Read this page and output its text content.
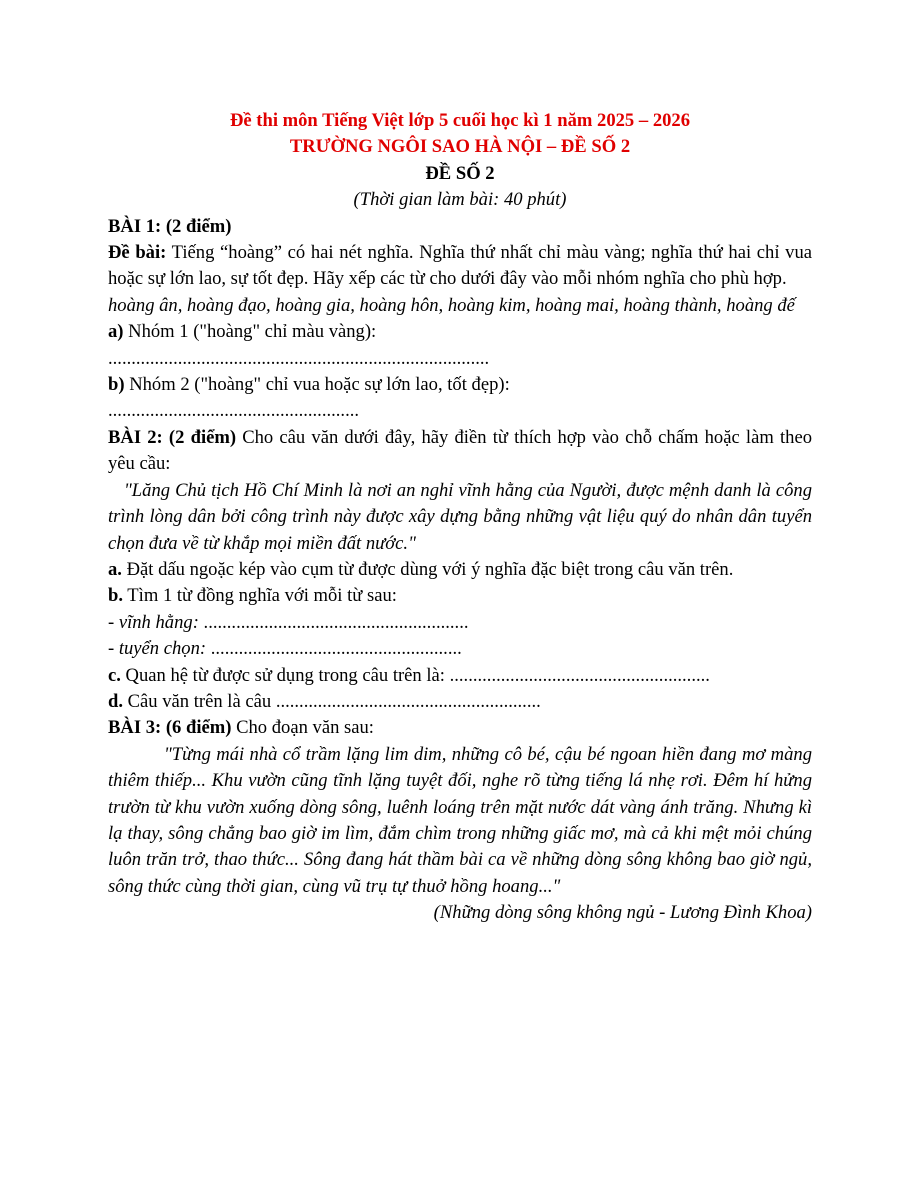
Đề thi môn Tiếng Việt lớp 5 cuối học kì 1 năm 2025 – 2026

TRƯỜNG NGÔI SAO HÀ NỘI – ĐỀ SỐ 2

ĐỀ SỐ 2

(Thời gian làm bài: 40 phút)

BÀI 1: (2 điểm)

Đề bài: Tiếng “hoàng” có hai nét nghĩa. Nghĩa thứ nhất chỉ màu vàng; nghĩa thứ hai chỉ vua hoặc sự lớn lao, sự tốt đẹp. Hãy xếp các từ cho dưới đây vào mỗi nhóm nghĩa cho phù hợp.

hoàng ân, hoàng đạo, hoàng gia, hoàng hôn, hoàng kim, hoàng mai, hoàng thành, hoàng đế

a) Nhóm 1 ("hoàng" chỉ màu vàng):

..................................................................................

b) Nhóm 2 ("hoàng" chỉ vua hoặc sự lớn lao, tốt đẹp):

......................................................

BÀI 2: (2 điểm) Cho câu văn dưới đây, hãy điền từ thích hợp vào chỗ chấm hoặc làm theo yêu cầu:

"Lăng Chủ tịch Hồ Chí Minh là nơi an nghỉ vĩnh hằng của Người, được mệnh danh là công trình lòng dân bởi công trình này được xây dựng bằng những vật liệu quý do nhân dân tuyển chọn đưa về từ khắp mọi miền đất nước."

a. Đặt dấu ngoặc kép vào cụm từ được dùng với ý nghĩa đặc biệt trong câu văn trên.

b. Tìm 1 từ đồng nghĩa với mỗi từ sau:

- vĩnh hằng: .........................................................

- tuyển chọn: ......................................................

c. Quan hệ từ được sử dụng trong câu trên là: ........................................................

d. Câu văn trên là câu .........................................................

BÀI 3: (6 điểm) Cho đoạn văn sau:

"Từng mái nhà cổ trầm lặng lim dim, những cô bé, cậu bé ngoan hiền đang mơ màng thiêm thiếp... Khu vườn cũng tĩnh lặng tuyệt đối, nghe rõ từng tiếng lá nhẹ rơi. Đêm hí hửng trườn từ khu vườn xuống dòng sông, luênh loáng trên mặt nước dát vàng ánh trăng. Nhưng kì lạ thay, sông chẳng bao giờ im lìm, đắm chìm trong những giấc mơ, mà cả khi mệt mỏi chúng luôn trăn trở, thao thức... Sông đang hát thầm bài ca về những dòng sông không bao giờ ngủ, sông thức cùng thời gian, cùng vũ trụ tự thuở hồng hoang..."

(Những dòng sông không ngủ - Lương Đình Khoa)
